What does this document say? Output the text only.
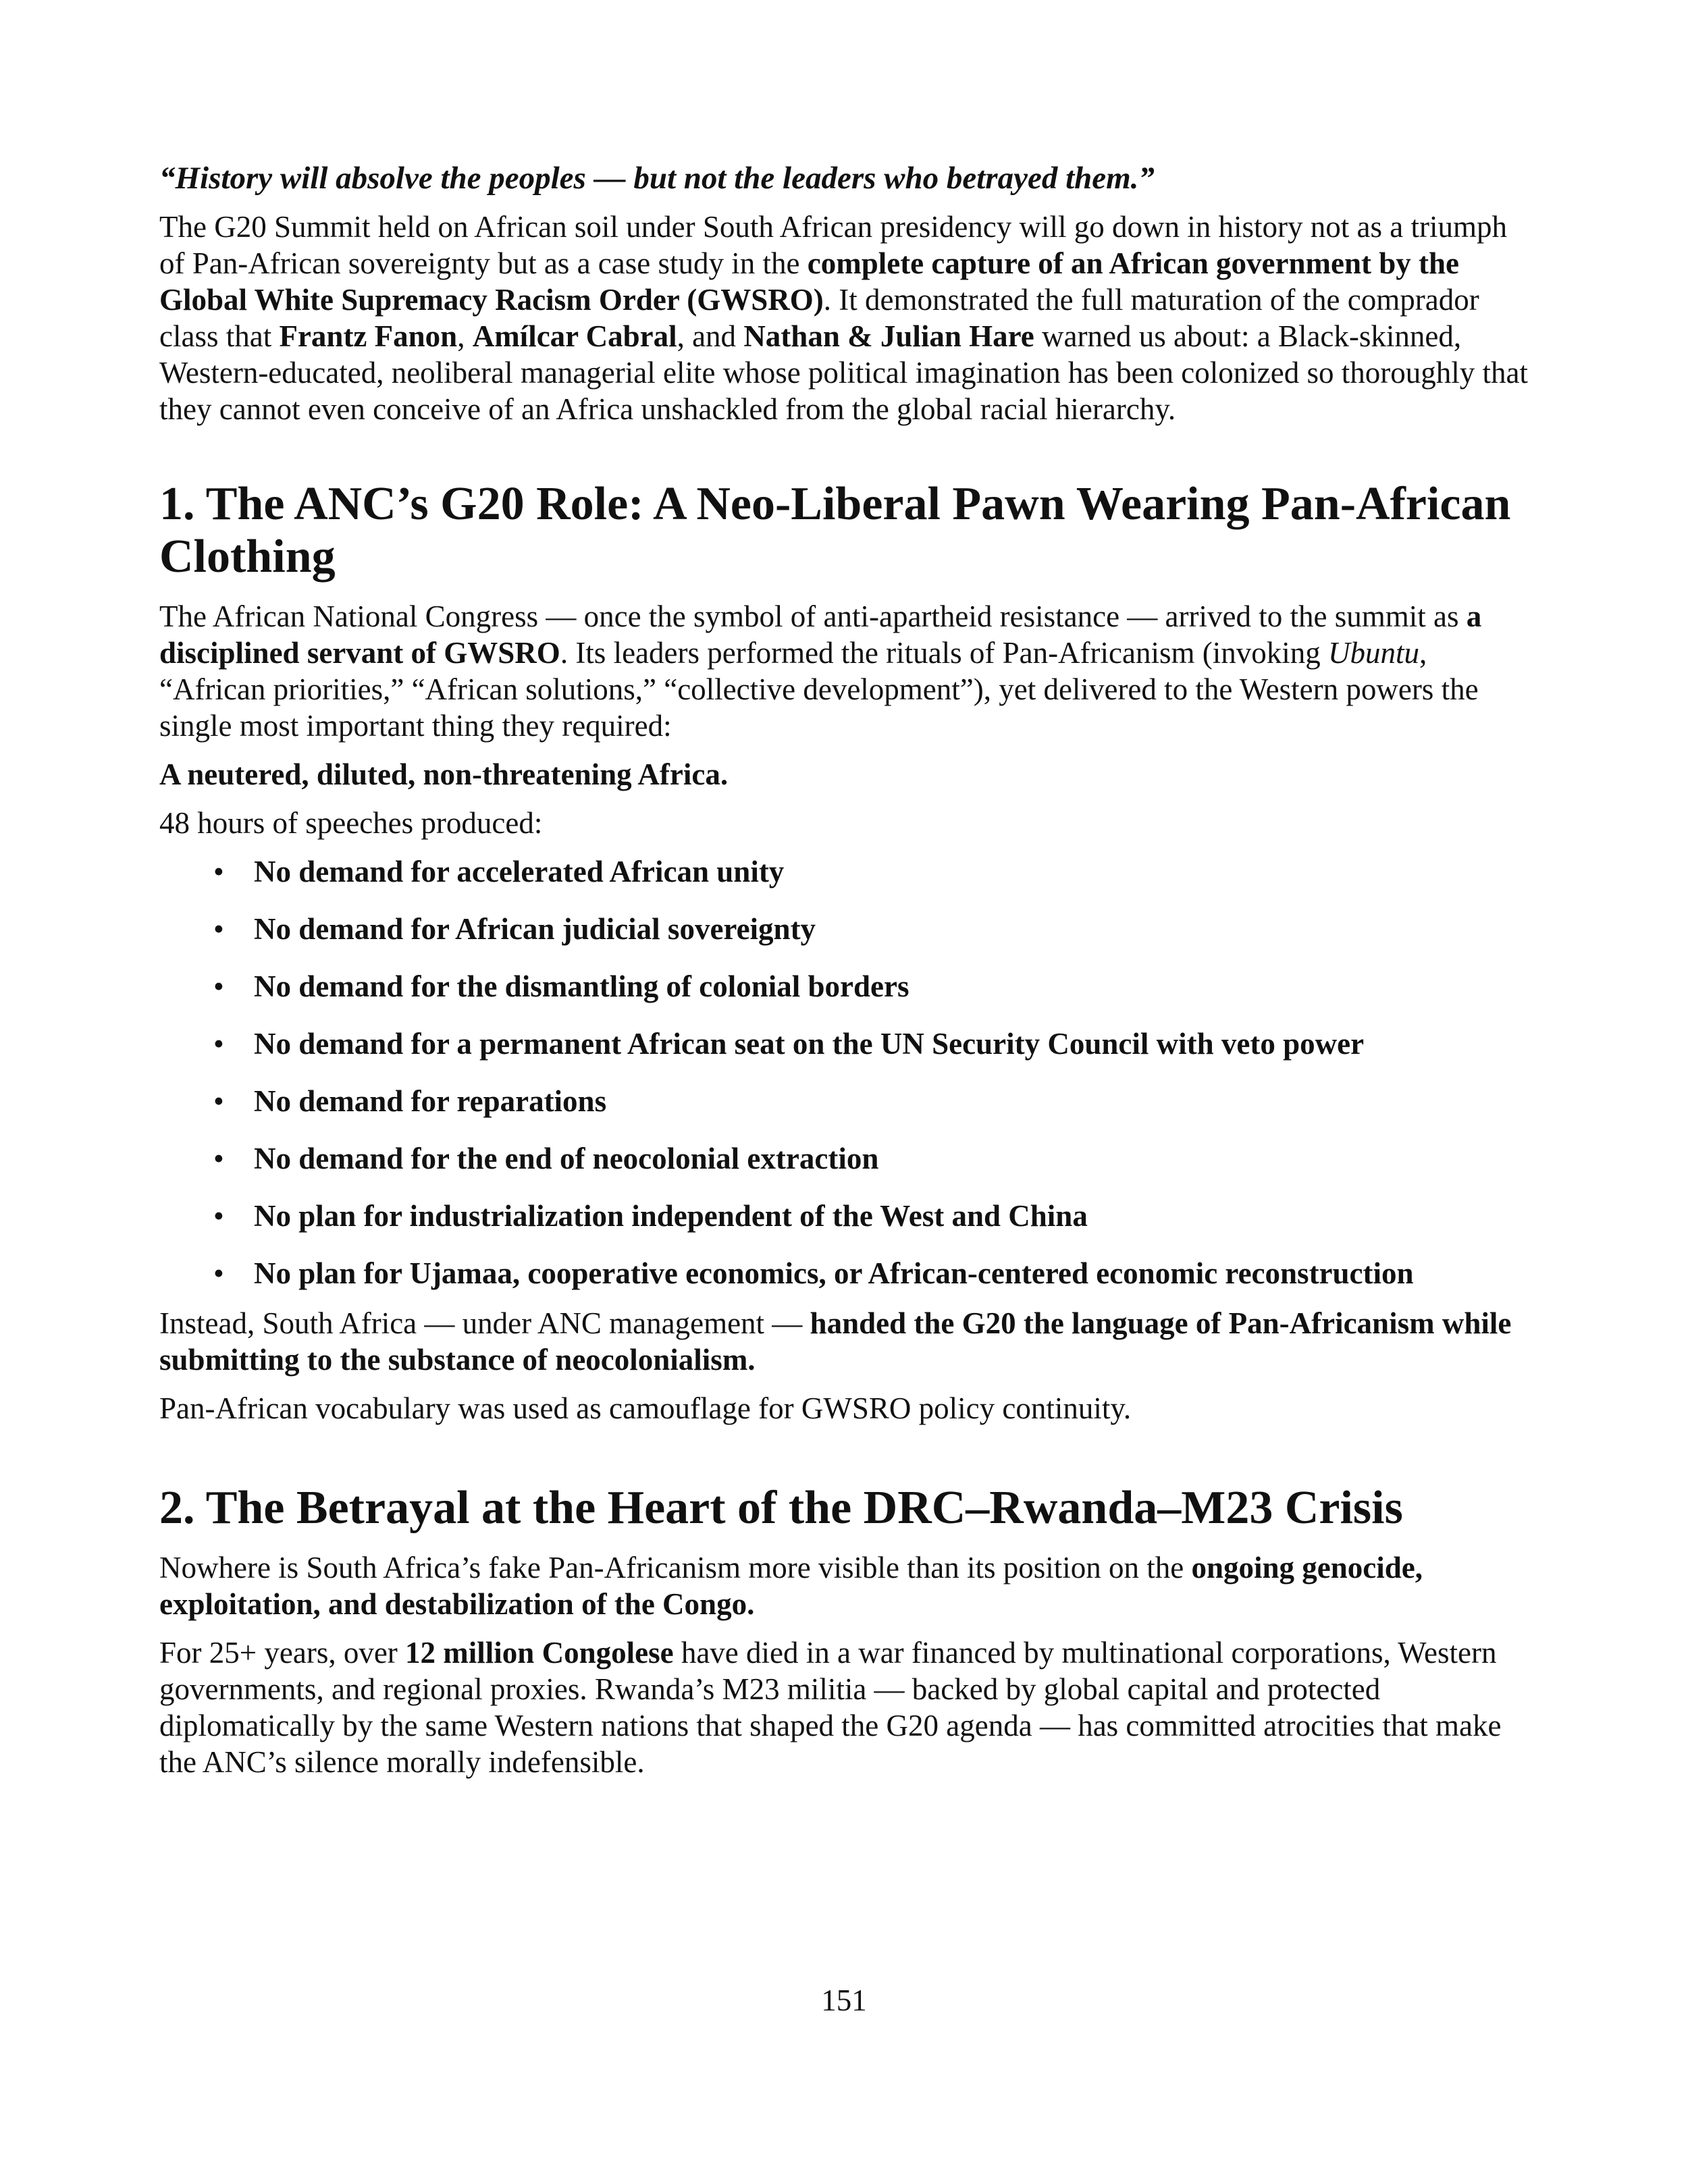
“History will absolve the peoples — but not the leaders who betrayed them.”

The G20 Summit held on African soil under South African presidency will go down in history not as a triumph of Pan-African sovereignty but as a case study in the complete capture of an African government by the Global White Supremacy Racism Order (GWSRO). It demonstrated the full maturation of the comprador class that Frantz Fanon, Amílcar Cabral, and Nathan & Julian Hare warned us about: a Black-skinned, Western-educated, neoliberal managerial elite whose political imagination has been colonized so thoroughly that they cannot even conceive of an Africa unshackled from the global racial hierarchy.

1. The ANC’s G20 Role: A Neo-Liberal Pawn Wearing Pan-African Clothing

The African National Congress — once the symbol of anti-apartheid resistance — arrived to the summit as a disciplined servant of GWSRO. Its leaders performed the rituals of Pan-Africanism (invoking Ubuntu, “African priorities,” “African solutions,” “collective development”), yet delivered to the Western powers the single most important thing they required:

A neutered, diluted, non-threatening Africa.

48 hours of speeches produced:

• No demand for accelerated African unity
• No demand for African judicial sovereignty
• No demand for the dismantling of colonial borders
• No demand for a permanent African seat on the UN Security Council with veto power
• No demand for reparations
• No demand for the end of neocolonial extraction
• No plan for industrialization independent of the West and China
• No plan for Ujamaa, cooperative economics, or African-centered economic reconstruction

Instead, South Africa — under ANC management — handed the G20 the language of Pan-Africanism while submitting to the substance of neocolonialism.

Pan-African vocabulary was used as camouflage for GWSRO policy continuity.

2. The Betrayal at the Heart of the DRC–Rwanda–M23 Crisis

Nowhere is South Africa’s fake Pan-Africanism more visible than its position on the ongoing genocide, exploitation, and destabilization of the Congo.

For 25+ years, over 12 million Congolese have died in a war financed by multinational corporations, Western governments, and regional proxies. Rwanda’s M23 militia — backed by global capital and protected diplomatically by the same Western nations that shaped the G20 agenda — has committed atrocities that make the ANC’s silence morally indefensible.

151
